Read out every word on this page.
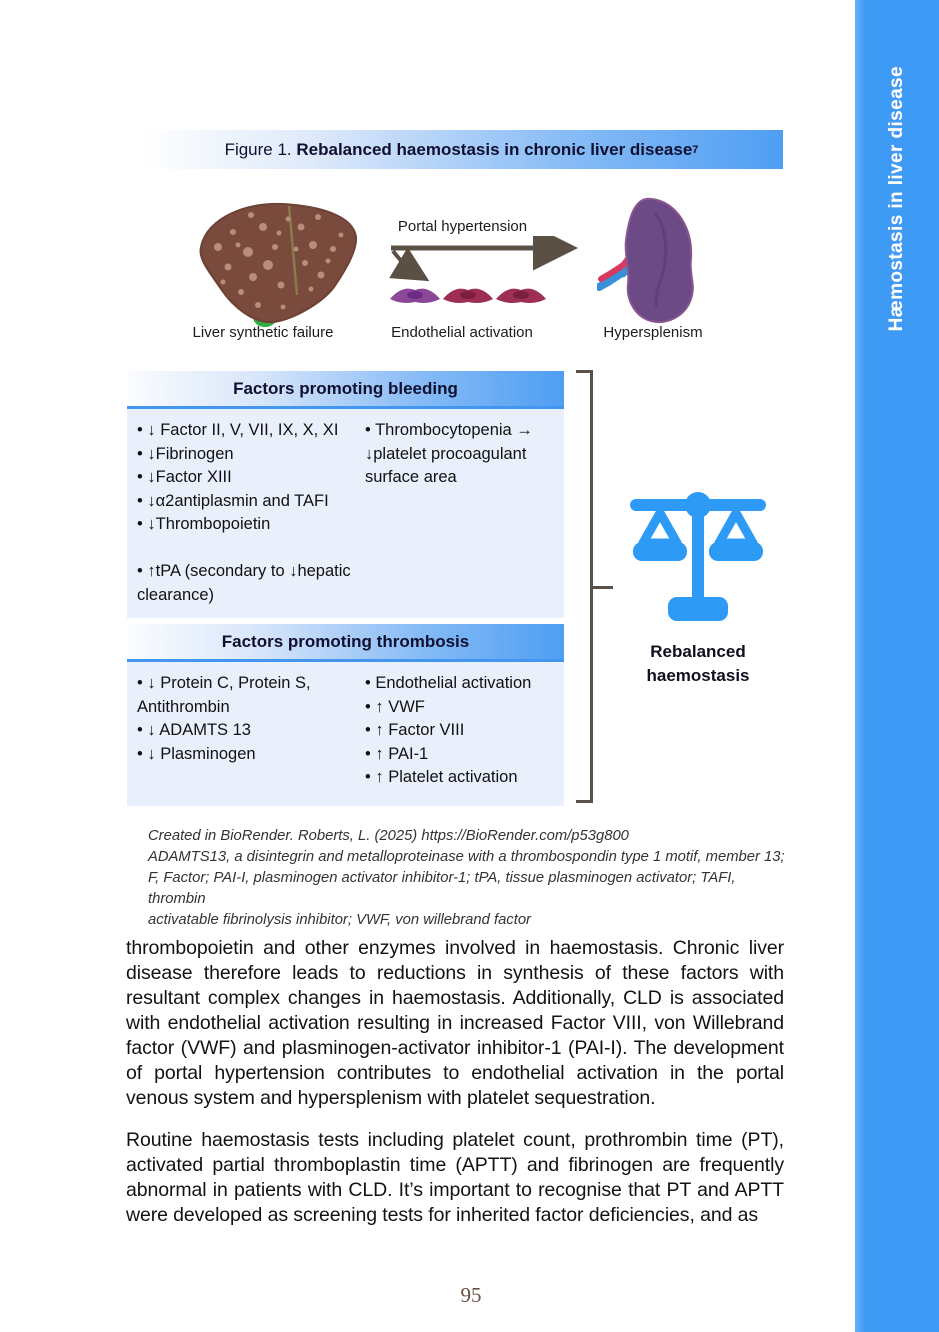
Figure 1.
Rebalanced haemostasis in chronic liver disease 7
Liver synthetic failure
Portal hypertension
Endothelial activation	Hypersplenism
Factors promoting bleeding
• ↓ Factor II, V, VII, IX, X, XI
• ↓Fibrinogen
• ↓Factor XIII
• ↓α2antiplasmin and TAFI
• ↓Thrombopoietin
• ↑tPA (secondary to ↓hepatic clearance)
• Thrombocytopenia → ↓platelet procoagulant surface area
Factors promoting thrombosis
• ↓ Protein C, Protein S, Antithrombin
• ↓ ADAMTS 13
• ↓ Plasminogen
• Endothelial activation
• ↑ VWF
• ↑ Factor VIII
• ↑ PAI-1
• ↑ Platelet activation
Rebalanced haemostasis
Created in BioRender. Roberts, L. (2025) https://BioRender.com/p53g800
ADAMTS13, a disintegrin and metalloproteinase with a thrombospondin type 1 motif, member 13;
F, Factor; PAI-I, plasminogen activator inhibitor-1; tPA, tissue plasminogen activator; TAFI, thrombin
activatable fibrinolysis inhibitor; VWF, von willebrand factor
thrombopoietin and other enzymes involved in haemostasis. Chronic liver disease therefore leads to reductions in synthesis of these factors with resultant complex changes in haemostasis. Additionally, CLD is associated with endothelial activation resulting in increased Factor VIII, von Willebrand factor (VWF) and plasminogen-activator inhibitor-1 (PAI-I). The development of portal hypertension contributes to endothelial activation in the portal venous system and hypersplenism with platelet sequestration.
Routine haemostasis tests including platelet count, prothrombin time (PT), activated partial thromboplastin time (APTT) and fibrinogen are frequently abnormal in patients with CLD. It’s important to recognise that PT and APTT were developed as screening tests for inherited factor deficiencies, and as
95
Hæmostasis in liver disease
